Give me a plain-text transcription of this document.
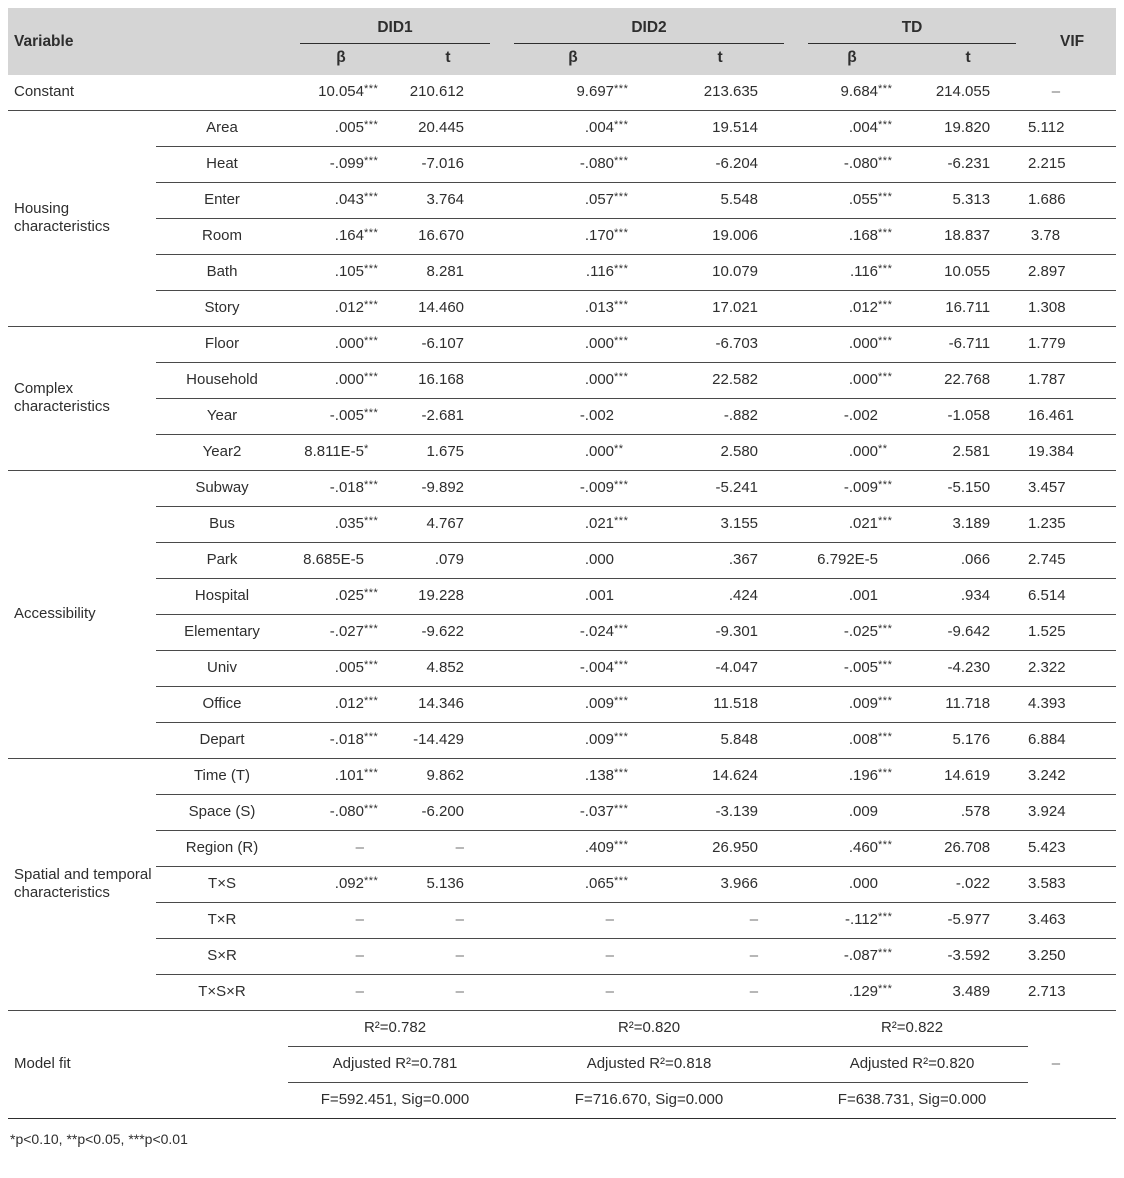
Variable		DID1		DID2		TD		VIF
		β	t	β	t	β	t	
Constant		10.054 ***	210.612	9.697 ***	213.635	9.684 ***	214.055	–
Housing characteristics	Area	.005 ***	20.445	.004 ***	19.514	.004 ***	19.820	5.112
	Heat	-.099 ***	-7.016	-.080 ***	-6.204	-.080 ***	-6.231	2.215
	Enter	.043 ***	3.764	.057 ***	5.548	.055 ***	5.313	1.686
	Room	.164 ***	16.670	.170 ***	19.006	.168 ***	18.837	3.78
	Bath	.105 ***	8.281	.116 ***	10.079	.116 ***	10.055	2.897
	Story	.012 ***	14.460	.013 ***	17.021	.012 ***	16.711	1.308
Complex characteristics	Floor	.000 ***	-6.107	.000 ***	-6.703	.000 ***	-6.711	1.779
	Household	.000 ***	16.168	.000 ***	22.582	.000 ***	22.768	1.787
	Year	-.005 ***	-2.681	-.002	-.882	-.002	-1.058	16.461
	Year2	8.811E-5 *	1.675	.000 **	2.580	.000 **	2.581	19.384
Accessibility	Subway	-.018 ***	-9.892	-.009 ***	-5.241	-.009 ***	-5.150	3.457
	Bus	.035 ***	4.767	.021 ***	3.155	.021 ***	3.189	1.235
	Park	8.685E-5	.079	.000	.367	6.792E-5	.066	2.745
	Hospital	.025 ***	19.228	.001	.424	.001	.934	6.514
	Elementary	-.027 ***	-9.622	-.024 ***	-9.301	-.025 ***	-9.642	1.525
	Univ	.005 ***	4.852	-.004 ***	-4.047	-.005 ***	-4.230	2.322
	Office	.012 ***	14.346	.009 ***	11.518	.009 ***	11.718	4.393
	Depart	-.018 ***	-14.429	.009 ***	5.848	.008 ***	5.176	6.884
Spatial and temporal characteristics	Time (T)	.101 ***	9.862	.138 ***	14.624	.196 ***	14.619	3.242
	Space (S)	-.080 ***	-6.200	-.037 ***	-3.139	.009	.578	3.924
	Region (R)	–	–	.409 ***	26.950	.460 ***	26.708	5.423
	T×S	.092 ***	5.136	.065 ***	3.966	.000	-.022	3.583
	T×R	–	–	–	–	-.112 ***	-5.977	3.463
	S×R	–	–	–	–	-.087 ***	-3.592	3.250
	T×S×R	–	–	–	–	.129 ***	3.489	2.713
Model fit		R²=0.782		R²=0.820		R²=0.822		–
		Adjusted R²=0.781		Adjusted R²=0.818		Adjusted R²=0.820		
		F=592.451, Sig=0.000		F=716.670, Sig=0.000		F=638.731, Sig=0.000		
*p<0.10, **p<0.05, ***p<0.01
